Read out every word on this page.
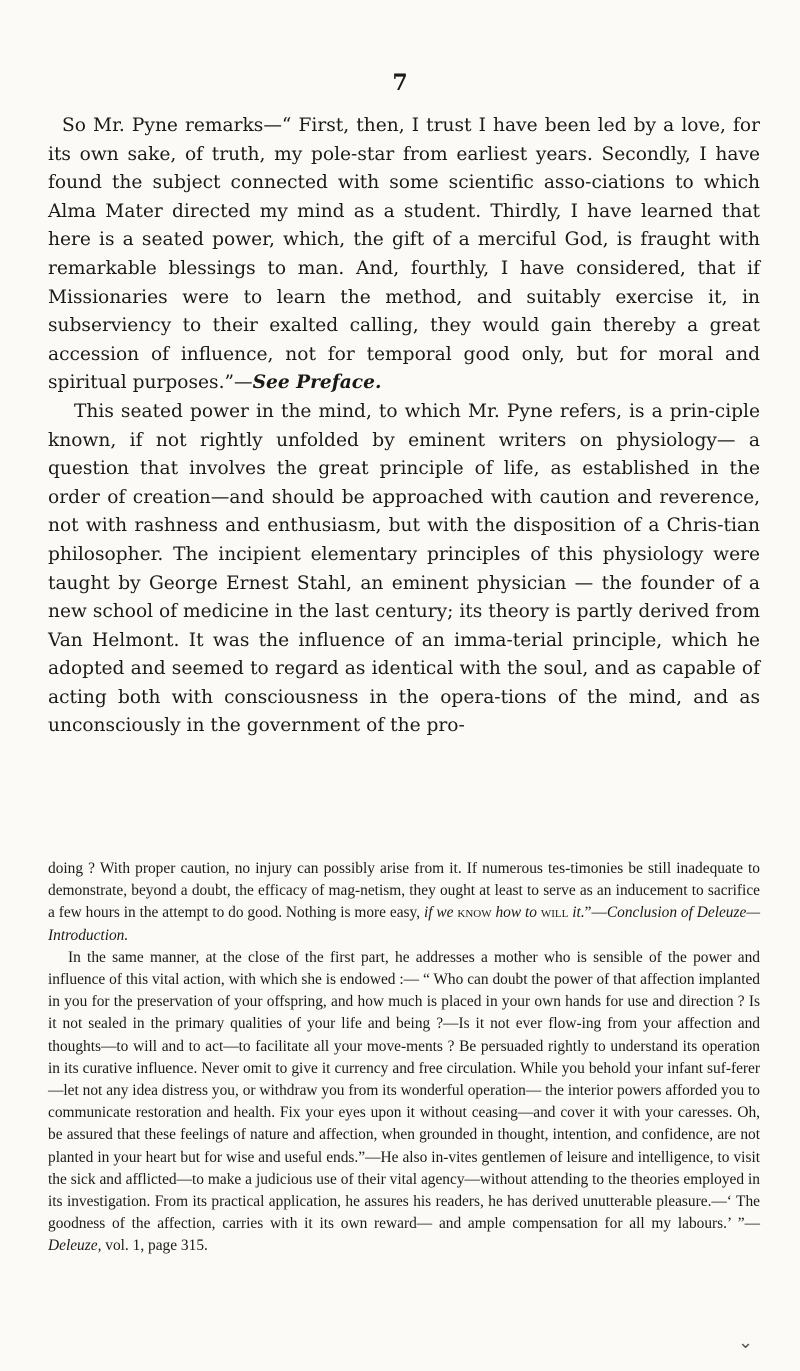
7

So Mr. Pyne remarks—“ First, then, I trust I have been led by a love, for its own sake, of truth, my pole-star from earliest years. Secondly, I have found the subject connected with some scientific asso-ciations to which Alma Mater directed my mind as a student. Thirdly, I have learned that here is a seated power, which, the gift of a merciful God, is fraught with remarkable blessings to man. And, fourthly, I have considered, that if Missionaries were to learn the method, and suitably exercise it, in subserviency to their exalted calling, they would gain thereby a great accession of influence, not for temporal good only, but for moral and spiritual purposes.”—See Preface.

This seated power in the mind, to which Mr. Pyne refers, is a prin-ciple known, if not rightly unfolded by eminent writers on physiology— a question that involves the great principle of life, as established in the order of creation—and should be approached with caution and reverence, not with rashness and enthusiasm, but with the disposition of a Chris-tian philosopher. The incipient elementary principles of this physiology were taught by George Ernest Stahl, an eminent physician — the founder of a new school of medicine in the last century; its theory is partly derived from Van Helmont. It was the influence of an imma-terial principle, which he adopted and seemed to regard as identical with the soul, and as capable of acting both with consciousness in the opera-tions of the mind, and as unconsciously in the government of the pro-

doing ? With proper caution, no injury can possibly arise from it. If numerous tes-timonies be still inadequate to demonstrate, beyond a doubt, the efficacy of mag-netism, they ought at least to serve as an inducement to sacrifice a few hours in the attempt to do good. Nothing is more easy, if we know how to will it.”—Conclusion of Deleuze—Introduction.

In the same manner, at the close of the first part, he addresses a mother who is sensible of the power and influence of this vital action, with which she is endowed :— “ Who can doubt the power of that affection implanted in you for the preservation of your offspring, and how much is placed in your own hands for use and direction ? Is it not sealed in the primary qualities of your life and being ?—Is it not ever flow-ing from your affection and thoughts—to will and to act—to facilitate all your move-ments ? Be persuaded rightly to understand its operation in its curative influence. Never omit to give it currency and free circulation. While you behold your infant suf-ferer—let not any idea distress you, or withdraw you from its wonderful operation— the interior powers afforded you to communicate restoration and health. Fix your eyes upon it without ceasing—and cover it with your caresses. Oh, be assured that these feelings of nature and affection, when grounded in thought, intention, and confidence, are not planted in your heart but for wise and useful ends.”—He also in-vites gentlemen of leisure and intelligence, to visit the sick and afflicted—to make a judicious use of their vital agency—without attending to the theories employed in its investigation. From its practical application, he assures his readers, he has derived unutterable pleasure.—‘ The goodness of the affection, carries with it its own reward— and ample compensation for all my labours.’ ”—Deleuze, vol. 1, page 315.

⌄
